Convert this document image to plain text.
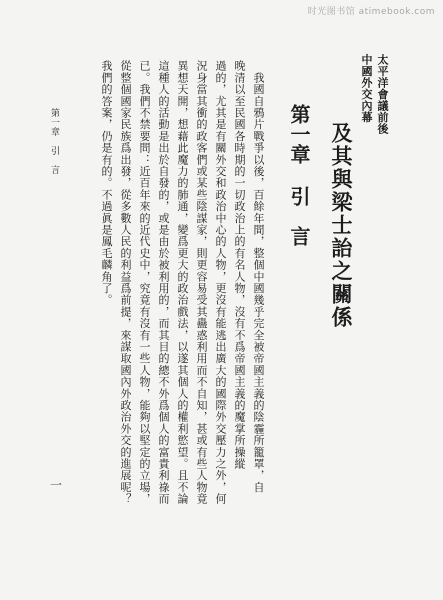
时光图书馆 atimebook.com
太平洋會議前後
中國外交內幕
及其與梁士詒之關係
第一章
引　言
　我國自鴉片戰爭以後，百餘年間，整個中國幾乎完全被帝國主義的陰霾所籠罩，自
晚清以至民國各時期的一切政治上的有名人物，沒有不爲帝國主義的魔掌所操縱
過的，尤其是有關外交和政治中心的人物，更沒有能逃出廣大的國際外交壓力之外，何
況身當其衝的政客們或某些陰謀家，則更容易受其蠱惑利用而不自知，甚或有些人物竟
異想天開，想藉此魔力的肺通，變爲更大的政治戲法，以遂其個人的權利慾望。且不論
這種人的活動是出於自發的，或是由於被利用的，而其目的總不外爲個人的富貴利祿而
已。我們不禁要問：近百年來的近代史中，究竟有沒有一些人物，能夠以堅定的立場，
從整個國家民族爲出發，從多數人民的利益爲前提，來謀取國內外政治外交的進展呢？
我們的答案，仍是有的。不過眞是鳳毛麟角了。
第一章　引　言
一
